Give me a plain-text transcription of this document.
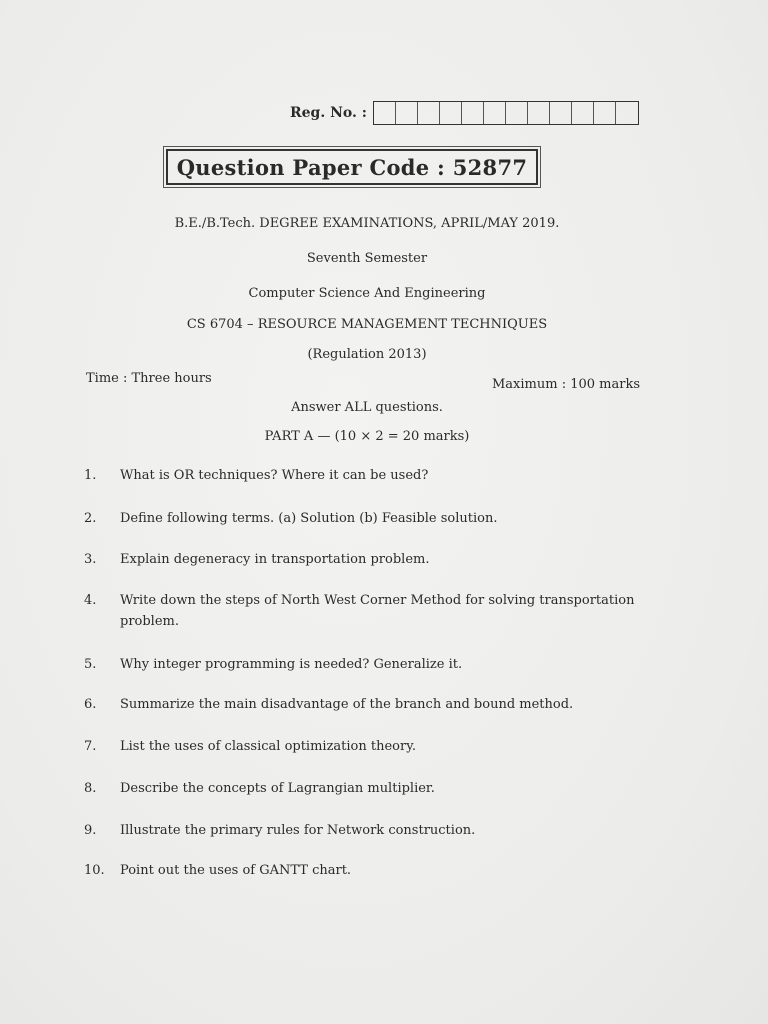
Reg. No. :
Question Paper Code : 52877
B.E./B.Tech. DEGREE EXAMINATIONS, APRIL/MAY 2019.
Seventh Semester
Computer Science And Engineering
CS 6704 – RESOURCE MANAGEMENT TECHNIQUES
(Regulation 2013)
Time : Three hours	Maximum : 100 marks
Answer ALL questions.
PART A — (10 × 2 = 20 marks)
1.	What is OR techniques? Where it can be used?
2.	Define following terms. (a) Solution (b) Feasible solution.
3.	Explain degeneracy in transportation problem.
4.	Write down the steps of North West Corner Method for solving transportation problem.
5.	Why integer programming is needed? Generalize it.
6.	Summarize the main disadvantage of the branch and bound method.
7.	List the uses of classical optimization theory.
8.	Describe the concepts of Lagrangian multiplier.
9.	Illustrate the primary rules for Network construction.
10.	Point out the uses of GANTT chart.
